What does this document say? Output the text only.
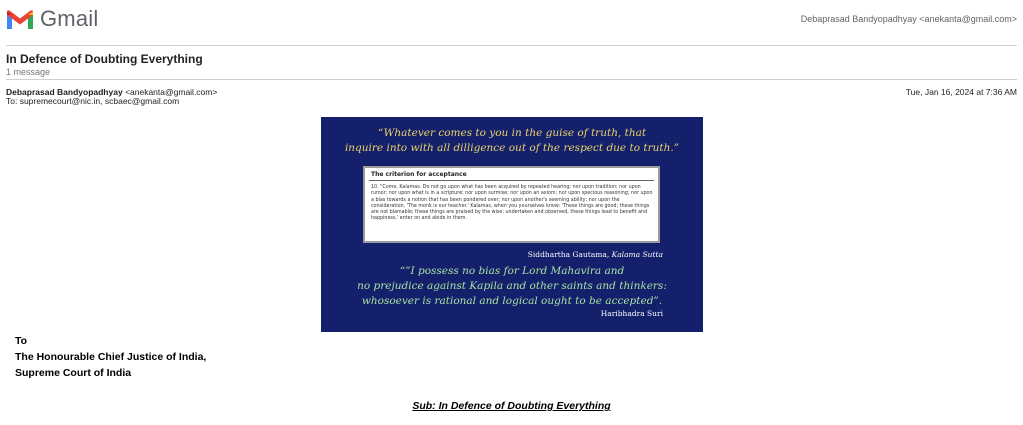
Gmail	Debaprasad Bandyopadhyay <anekanta@gmail.com>
In Defence of Doubting Everything
1 message
Debaprasad Bandyopadhyay <anekanta@gmail.com>
To: supremecourt@nic.in, scbaec@gmail.com
Tue, Jan 16, 2024 at 7:36 AM
“Whatever comes to you in the guise of truth, that
inquire into with all dilligence out of the respect due to truth.”
The criterion for acceptance
10. "Come, Kalamas. Do not go upon what has been acquired by repeated hearing; nor upon tradition; nor upon rumor; nor upon what is in a scripture; nor upon surmise; nor upon an axiom; nor upon specious reasoning; nor upon a bias towards a notion that has been pondered over; nor upon another's seeming ability; nor upon the consideration, 'The monk is our teacher.' Kalamas, when you yourselves know: 'These things are good; these things are not blamable; these things are praised by the wise; undertaken and observed, these things lead to benefit and happiness,' enter on and abide in them.
Siddhartha Gautama, Kalama Sutta
“”I possess no bias for Lord Mahavira and
no prejudice against Kapila and other saints and thinkers:
whosoever is rational and logical ought to be accepted”.
Haribhadra Suri
To
The Honourable Chief Justice of India,
Supreme Court of India
Sub: In Defence of Doubting Everything
